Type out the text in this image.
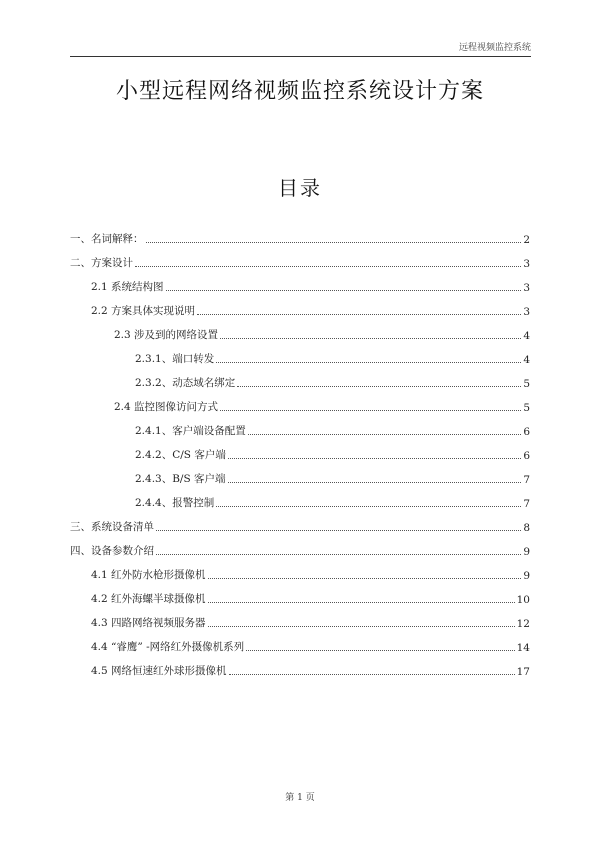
远程视频监控系统
小型远程网络视频监控系统设计方案
目录
一、名词解释：	2
二、方案设计	3
2.1 系统结构图	3
2.2 方案具体实现说明	3
2.3 涉及到的网络设置	4
2.3.1、端口转发	4
2.3.2、动态域名绑定	5
2.4 监控图像访问方式	5
2.4.1、客户端设备配置	6
2.4.2、C/S 客户端	6
2.4.3、B/S 客户端	7
2.4.4、报警控制	7
三、系统设备清单	8
四、设备参数介绍	9
4.1 红外防水枪形摄像机	9
4.2 红外海螺半球摄像机	10
4.3 四路网络视频服务器	12
4.4 “睿鹰” -网络红外摄像机系列	14
4.5 网络恒速红外球形摄像机	17
第 1 页
